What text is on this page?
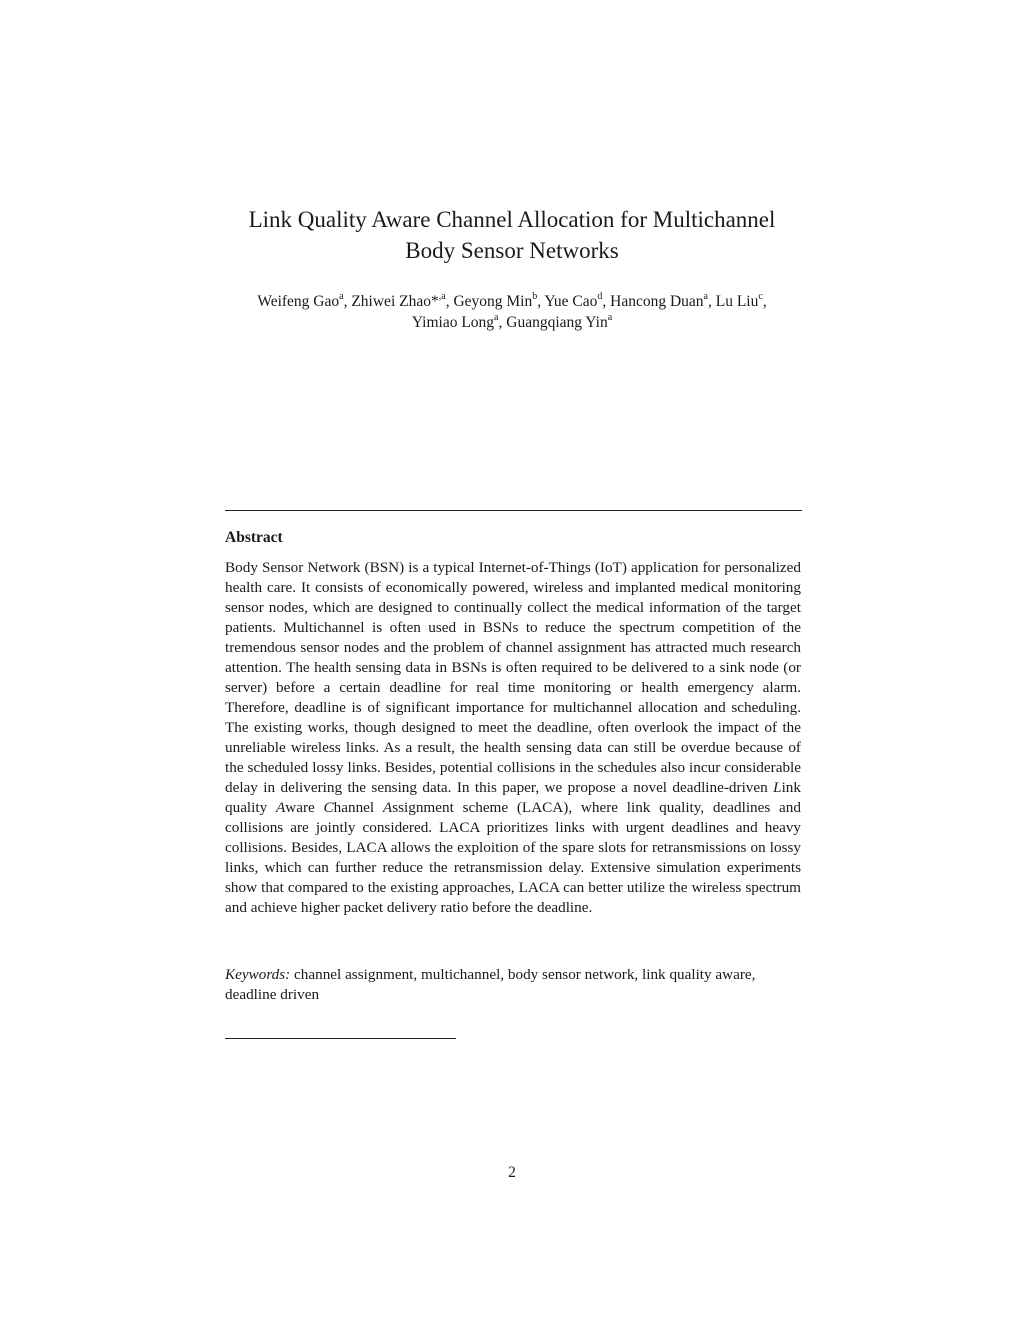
Link Quality Aware Channel Allocation for Multichannel
Body Sensor Networks
Weifeng Gao$^a$, Zhiwei Zhao*$^{,a}$, Geyong Min$^b$, Yue Cao$^d$, Hancong Duan$^a$, Lu Liu$^c$,
Yimiao Long$^a$, Guangqiang Yin$^a$
Abstract

Body Sensor Network (BSN) is a typical Internet-of-Things (IoT) application for personalized health care. It consists of economically powered, wireless and implanted medical monitoring sensor nodes, which are designed to continually collect the medical information of the target patients. Multichannel is often used in BSNs to reduce the spectrum competition of the tremendous sensor nodes and the problem of channel assignment has attracted much research attention. The health sensing data in BSNs is often required to be delivered to a sink node (or server) before a certain deadline for real time monitoring or health emergency alarm. Therefore, deadline is of significant importance for multichannel allocation and scheduling. The existing works, though designed to meet the deadline, often overlook the impact of the unreliable wireless links. As a result, the health sensing data can still be overdue because of the scheduled lossy links. Besides, potential collisions in the schedules also incur considerable delay in delivering the sensing data. In this paper, we propose a novel deadline-driven Link quality Aware Channel Assignment scheme (LACA), where link quality, deadlines and collisions are jointly considered. LACA prioritizes links with urgent deadlines and heavy collisions. Besides, LACA allows the exploition of the spare slots for retransmissions on lossy links, which can further reduce the retransmission delay. Extensive simulation experiments show that compared to the existing approaches, LACA can better utilize the wireless spectrum and achieve higher packet delivery ratio before the deadline.

Keywords: channel assignment, multichannel, body sensor network, link quality aware, deadline driven
2
